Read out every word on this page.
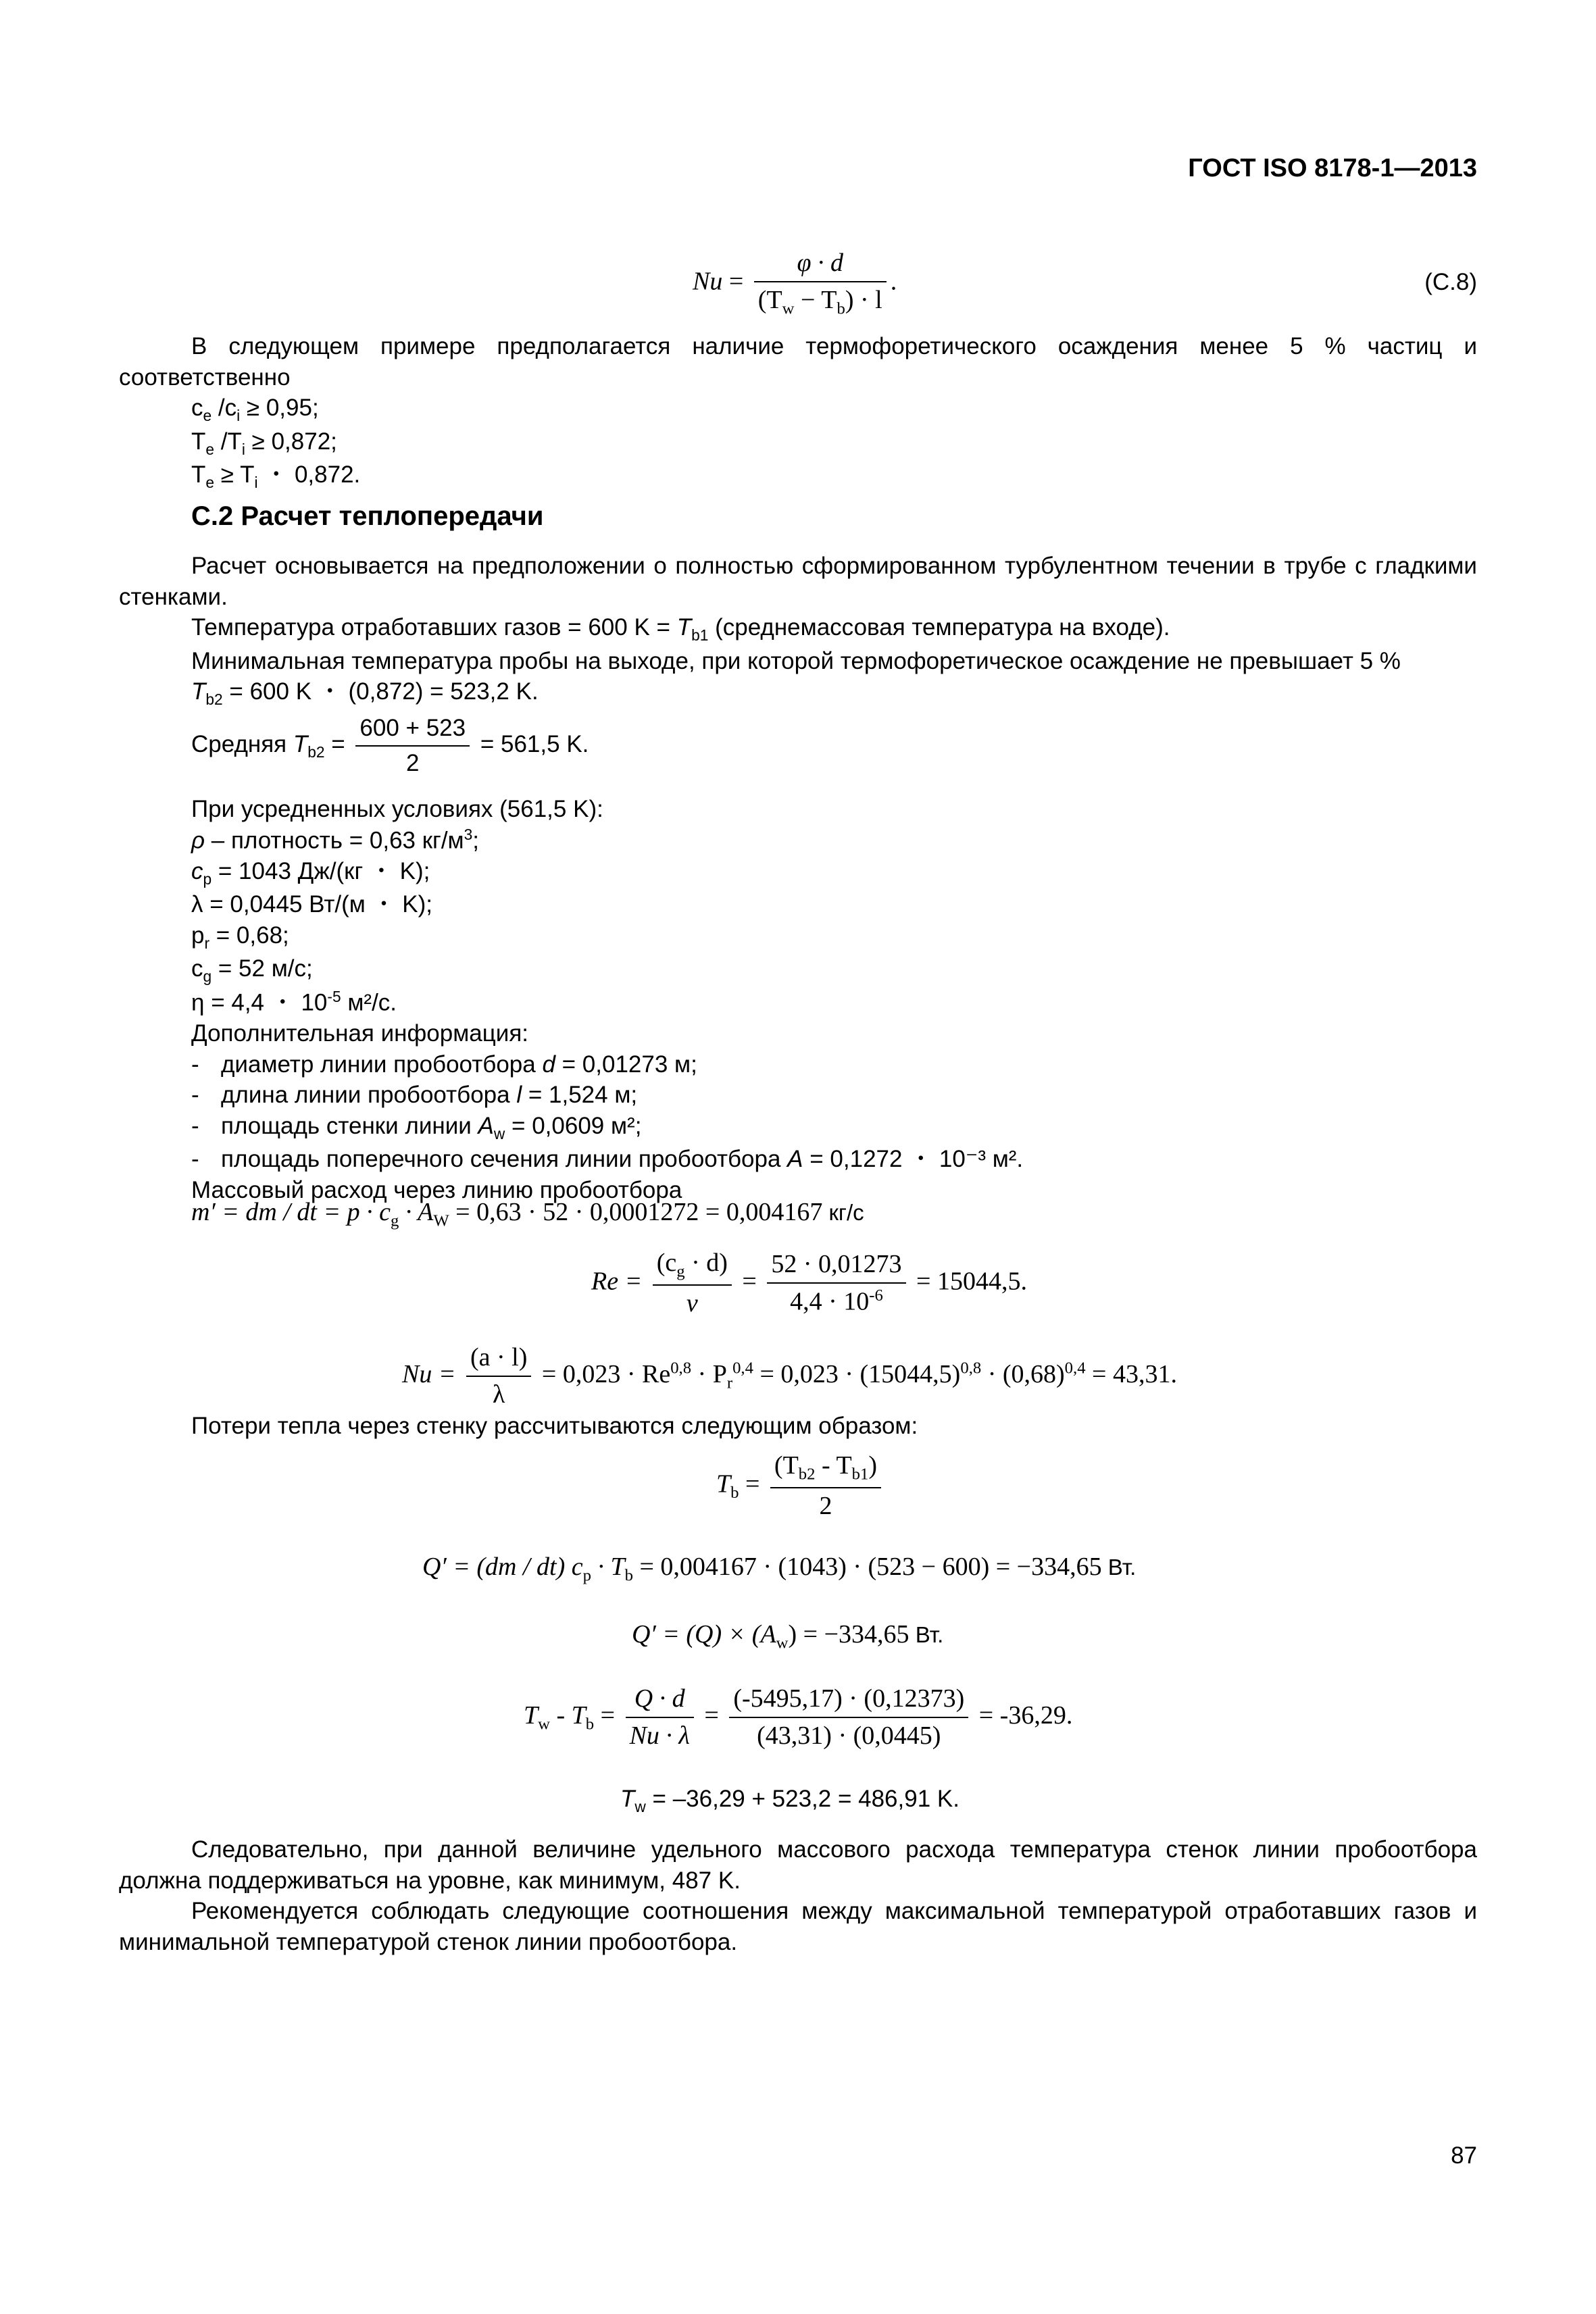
ГОСТ ISO 8178-1—2013
$Nu = \frac{\varphi \cdot d}{(T_w - T_b) \cdot l}$ .	(C.8)
В следующем примере предполагается наличие термофоретического осаждения менее 5 % частиц и соответственно
$c_e$ $/c_i \ge 0,95$;
$T_e$ $/T_i \ge 0,872$;
$T_e \ge T_i$ ・ 0,872.
С.2 Расчет теплопередачи
Расчет основывается на предположении о полностью сформированном турбулентном течении в трубе с гладкими стенками.
Температура отработавших газов = 600 $K = T_{b1}$ (среднемассовая температура на входе).
Минимальная температура пробы на выходе, при которой термофоретическое осаждение не превышает 5 %
$T_{b2} = 600$ K ・ (0,872) = 523,2 K.
Средняя $T_{b2} = \frac{600 + 523}{2} = 561,5$ K.
При усредненных условиях (561,5 K):
ρ – плотность = 0,63 $кг/м^3$;
$c_p = 1043$ Дж/(кг ・ K);
λ = 0,0445 Вт/(м ・ K);
$p_r = 0,68$;
$c_g = 52$ м/с;
η = 4,4 ・ $10^{-5}$ м²/с.
Дополнительная информация:
- диаметр линии пробоотбора d = 0,01273 м;
- длина линии пробоотбора l = 1,524 м;
- площадь стенки линии $A_w = 0,0609$ м²;
- площадь поперечного сечения линии пробоотбора A = 0,1272 ・ 10⁻³ м².
Массовый расход через линию пробоотбора
m′ = dm / dt = $p \cdot c_g \cdot A_W = 0,63 \cdot 52 \cdot 0,0001272 = 0,004167$ кг/с
$Re = \frac{(c_g \cdot d)}{v} = \frac{52 \cdot 0,01273}{4,4 \cdot 10^{-6}} = 15044,5$.
$Nu = \frac{(a \cdot l)}{\lambda} = 0,023 \cdot Re^{0,8} \cdot P_r^{0,4} = 0,023 \cdot (15044,5)^{0,8} \cdot (0,68)^{0,4} = 43,31$.
Потери тепла через стенку рассчитываются следующим образом:
$T_b = \frac{(T_{b2} - T_{b1})}{2}$
Q′ = (dm / dt) $c_p \cdot T_b = 0,004167 \cdot (1043) \cdot (523 - 600) = -334,65$ Вт.
$Q' = (Q) \times (A_w) = -334,65$ Вт.
$T_w - T_b = \frac{Q \cdot d}{Nu \cdot \lambda} = \frac{(-5495,17) \cdot (0,12373)}{(43,31) \cdot (0,0445)} = -36,29$.
$T_w = -36,29 + 523,2 = 486,91$ K.
Следовательно, при данной величине удельного массового расхода температура стенок линии пробоотбора должна поддерживаться на уровне, как минимум, 487 K.
Рекомендуется соблюдать следующие соотношения между максимальной температурой отработавших газов и минимальной температурой стенок линии пробоотбора.
87
